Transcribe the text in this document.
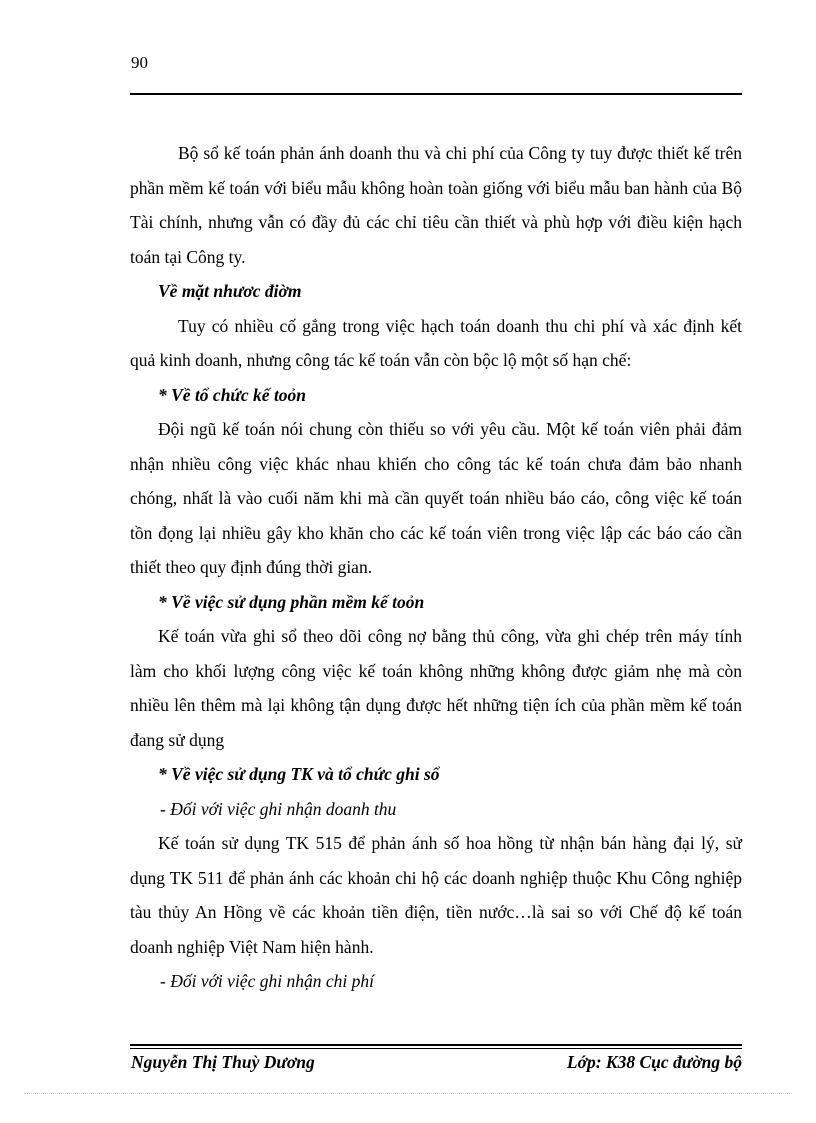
90

Bộ sổ kế toán phản ánh doanh thu và chi phí của Công ty tuy được thiết kế trên phần mềm kế toán với biểu mẫu không hoàn toàn giống với biểu mẫu ban hành của Bộ Tài chính, nhưng vẫn có đầy đủ các chỉ tiêu cần thiết và phù hợp với điều kiện hạch toán tại Công ty.

Về mặt nhươc điờm

Tuy có nhiều cố gắng trong việc hạch toán doanh thu chi phí và xác định kết quả kinh doanh, nhưng công tác kế toán vẫn còn bộc lộ một số hạn chế:

* Về tổ chức kế toỏn

Đội ngũ kế toán nói chung còn thiếu so với yêu cầu. Một kế toán viên phải đảm nhận nhiều công việc khác nhau khiến cho công tác kế toán chưa đảm bảo nhanh chóng, nhất là vào cuối năm khi mà cần quyết toán nhiều báo cáo, công việc kế toán tồn đọng lại nhiều gây kho khăn cho các kế toán viên trong việc lập các báo cáo cần thiết theo quy định đúng thời gian.

* Về việc sử dụng phần mềm kế toỏn

Kế toán vừa ghi sổ theo dõi công nợ bằng thủ công, vừa ghi chép trên máy tính làm cho khối lượng công việc kế toán không những không được giảm nhẹ mà còn nhiều lên thêm mà lại không tận dụng được hết những tiện ích của phần mềm kế toán đang sử dụng

* Về việc sử dụng TK và tổ chức ghi sổ

- Đối với việc ghi nhận doanh thu

Kế toán sử dụng TK 515 để phản ánh số hoa hồng từ nhận bán hàng đại lý, sử dụng TK 511 để phản ánh các khoản chi hộ các doanh nghiệp thuộc Khu Công nghiệp tàu thủy An Hồng về các khoản tiền điện, tiền nước…là sai so với Chế độ kế toán doanh nghiệp Việt Nam hiện hành.

- Đối với việc ghi nhận chi phí

Nguyễn Thị Thuỳ Dương	Lớp: K38 Cục đường bộ
